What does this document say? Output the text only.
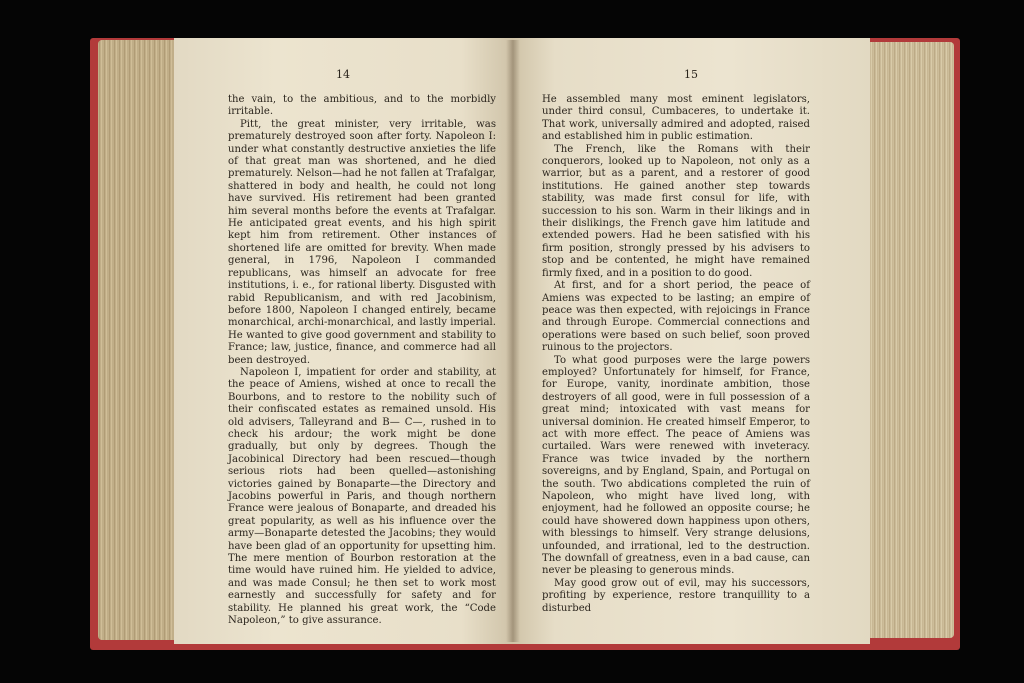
14

the vain, to the ambitious, and to the morbidly irritable.

Pitt, the great minister, very irritable, was prematurely destroyed soon after forty. Napoleon I: under what constantly destructive anxieties the life of that great man was shortened, and he died prematurely. Nelson—had he not fallen at Trafalgar, shattered in body and health, he could not long have survived. His retirement had been granted him several months before the events at Trafalgar. He anticipated great events, and his high spirit kept him from retirement. Other instances of shortened life are omitted for brevity. When made general, in 1796, Napoleon I commanded republicans, was himself an advocate for free institutions, i. e., for rational liberty. Disgusted with rabid Republicanism, and with red Jacobinism, before 1800, Napoleon I changed entirely, became monarchical, archi-monarchical, and lastly imperial. He wanted to give good government and stability to France; law, justice, finance, and commerce had all been destroyed.

Napoleon I, impatient for order and stability, at the peace of Amiens, wished at once to recall the Bourbons, and to restore to the nobility such of their confiscated estates as remained unsold. His old advisers, Talleyrand and B— C—, rushed in to check his ardour; the work might be done gradually, but only by degrees. Though the Jacobinical Directory had been rescued—though serious riots had been quelled—astonishing victories gained by Bonaparte—the Directory and Jacobins powerful in Paris, and though northern France were jealous of Bonaparte, and dreaded his great popularity, as well as his influence over the army—Bonaparte detested the Jacobins; they would have been glad of an opportunity for upsetting him. The mere mention of Bourbon restoration at the time would have ruined him. He yielded to advice, and was made Consul; he then set to work most earnestly and successfully for safety and for stability. He planned his great work, the “Code Napoleon,” to give assurance.

15

He assembled many most eminent legislators, under third consul, Cumbaceres, to undertake it. That work, universally admired and adopted, raised and established him in public estimation.

The French, like the Romans with their conquerors, looked up to Napoleon, not only as a warrior, but as a parent, and a restorer of good institutions. He gained another step towards stability, was made first consul for life, with succession to his son. Warm in their likings and in their dislikings, the French gave him latitude and extended powers. Had he been satisfied with his firm position, strongly pressed by his advisers to stop and be contented, he might have remained firmly fixed, and in a position to do good.

At first, and for a short period, the peace of Amiens was expected to be lasting; an empire of peace was then expected, with rejoicings in France and through Europe. Commercial connections and operations were based on such belief, soon proved ruinous to the projectors.

To what good purposes were the large powers employed? Unfortunately for himself, for France, for Europe, vanity, inordinate ambition, those destroyers of all good, were in full possession of a great mind; intoxicated with vast means for universal dominion. He created himself Emperor, to act with more effect. The peace of Amiens was curtailed. Wars were renewed with inveteracy. France was twice invaded by the northern sovereigns, and by England, Spain, and Portugal on the south. Two abdications completed the ruin of Napoleon, who might have lived long, with enjoyment, had he followed an opposite course; he could have showered down happiness upon others, with blessings to himself. Very strange delusions, unfounded, and irrational, led to the destruction. The downfall of greatness, even in a bad cause, can never be pleasing to generous minds.

May good grow out of evil, may his successors, profiting by experience, restore tranquillity to a disturbed
